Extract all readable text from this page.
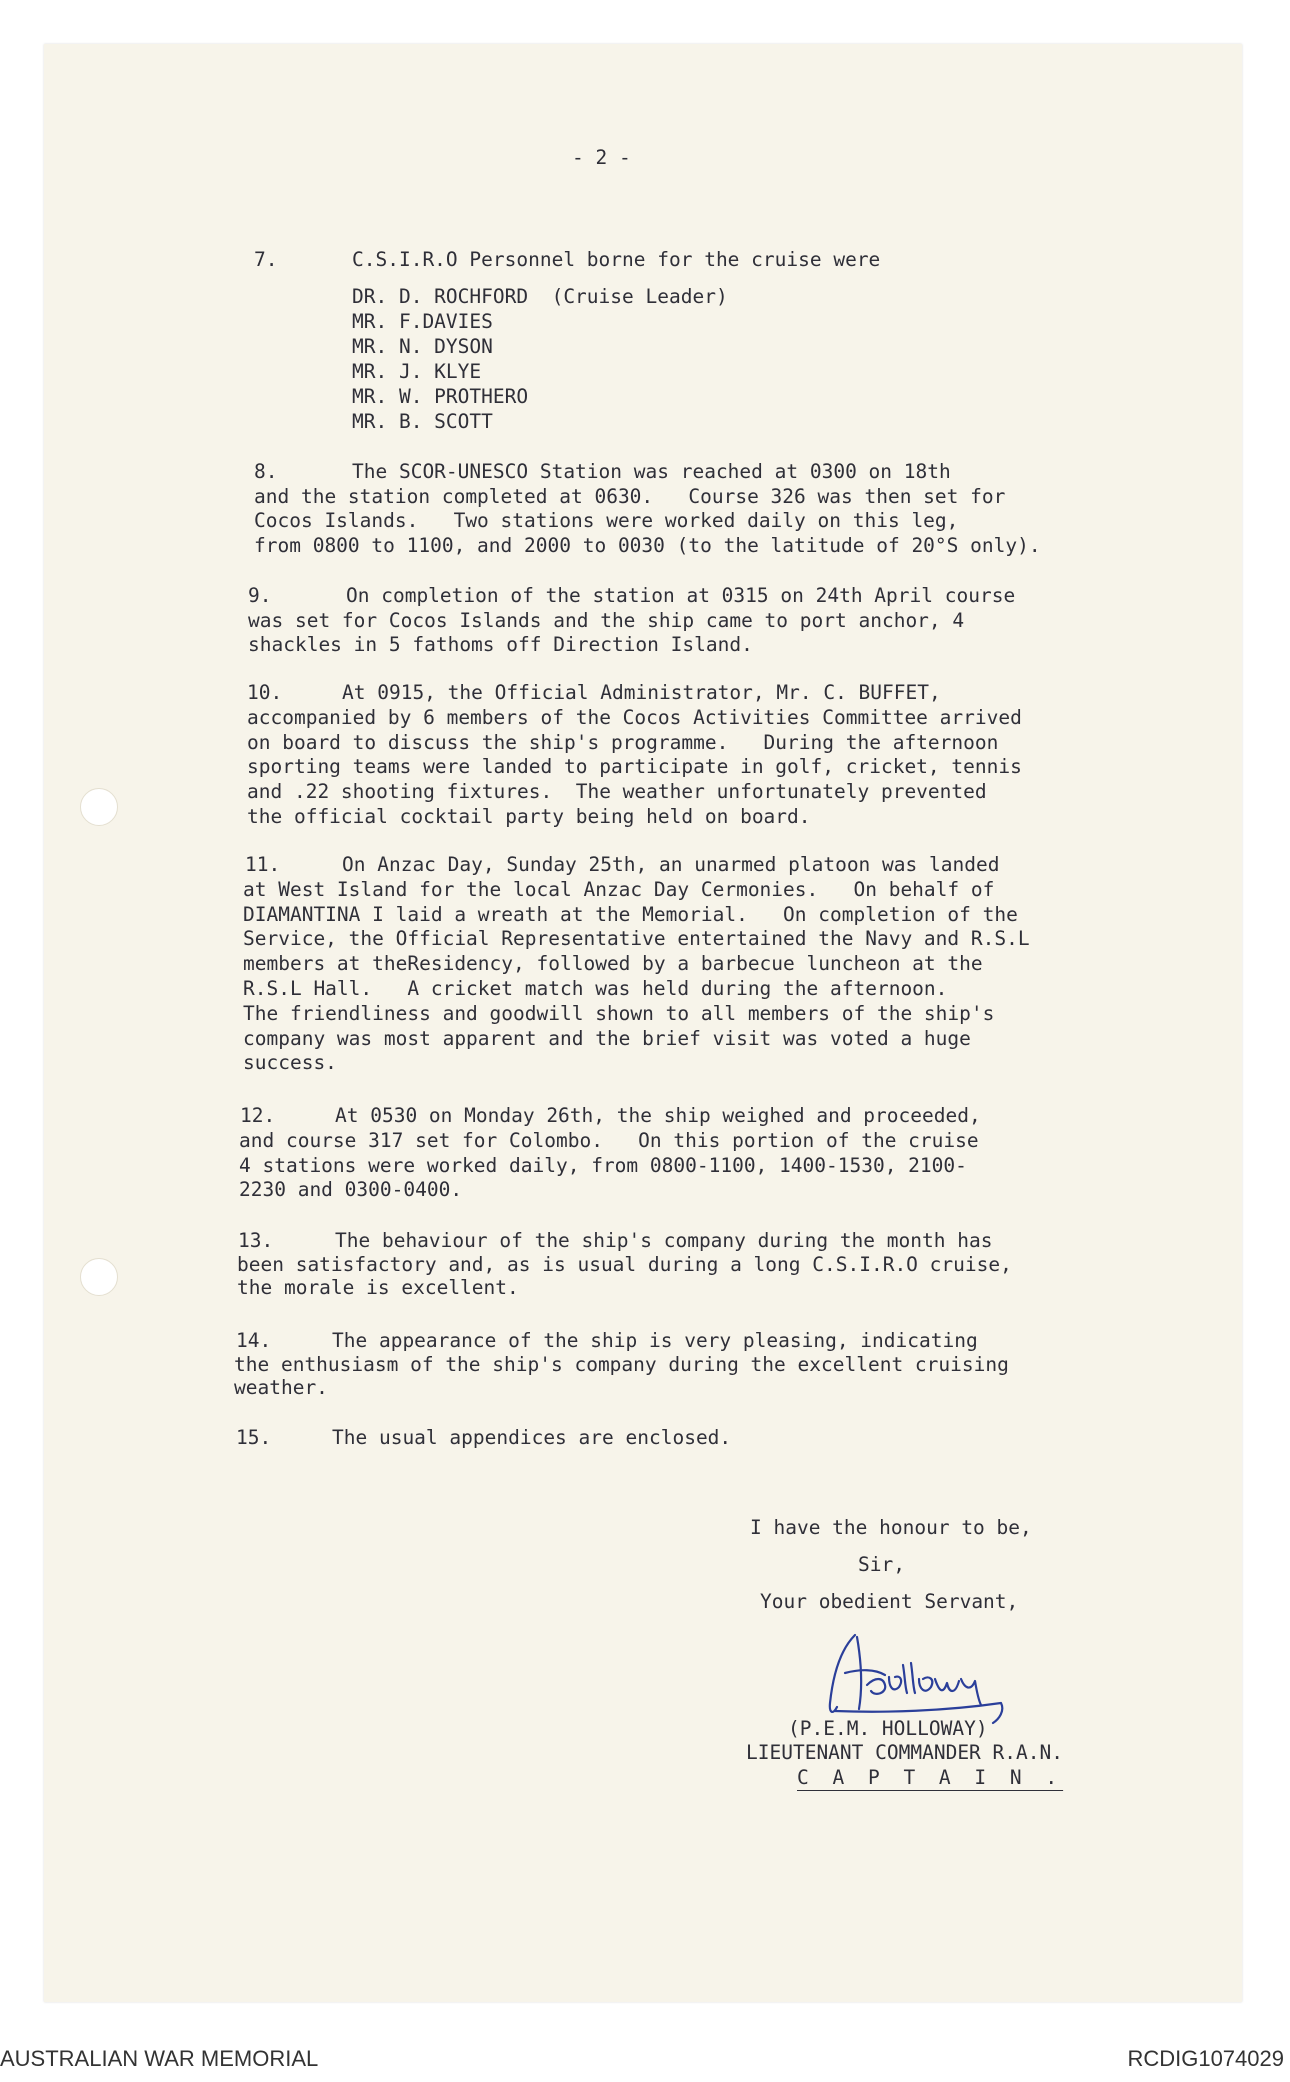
- 2 -
7.	C.S.I.R.O Personnel borne for the cruise were
DR. D. ROCHFORD  (Cruise Leader)
MR. F.DAVIES
MR. N. DYSON
MR. J. KLYE
MR. W. PROTHERO
MR. B. SCOTT
8.	The SCOR-UNESCO Station was reached at 0300 on 18th
and the station completed at 0630.   Course 326 was then set for
Cocos Islands.   Two stations were worked daily on this leg,
from 0800 to 1100, and 2000 to 0030 (to the latitude of 20°S only).
9.	On completion of the station at 0315 on 24th April course
was set for Cocos Islands and the ship came to port anchor, 4
shackles in 5 fathoms off Direction Island.
10.	At 0915, the Official Administrator, Mr. C. BUFFET,
accompanied by 6 members of the Cocos Activities Committee arrived
on board to discuss the ship's programme.   During the afternoon
sporting teams were landed to participate in golf, cricket, tennis
and .22 shooting fixtures.  The weather unfortunately prevented
the official cocktail party being held on board.
11.	On Anzac Day, Sunday 25th, an unarmed platoon was landed
at West Island for the local Anzac Day Cermonies.   On behalf of
DIAMANTINA I laid a wreath at the Memorial.   On completion of the
Service, the Official Representative entertained the Navy and R.S.L
members at theResidency, followed by a barbecue luncheon at the
R.S.L Hall.   A cricket match was held during the afternoon.
The friendliness and goodwill shown to all members of the ship's
company was most apparent and the brief visit was voted a huge
success.
12.	At 0530 on Monday 26th, the ship weighed and proceeded,
and course 317 set for Colombo.   On this portion of the cruise
4 stations were worked daily, from 0800-1100, 1400-1530, 2100-
2230 and 0300-0400.
13.	The behaviour of the ship's company during the month has
been satisfactory and, as is usual during a long C.S.I.R.O cruise,
the morale is excellent.
14.	The appearance of the ship is very pleasing, indicating
the enthusiasm of the ship's company during the excellent cruising
weather.
15.	The usual appendices are enclosed.
I have the honour to be,
Sir,
Your obedient Servant,
(P.E.M. HOLLOWAY)
LIEUTENANT COMMANDER R.A.N.
C A P T A I N .
AUSTRALIAN WAR MEMORIAL	RCDIG1074029
